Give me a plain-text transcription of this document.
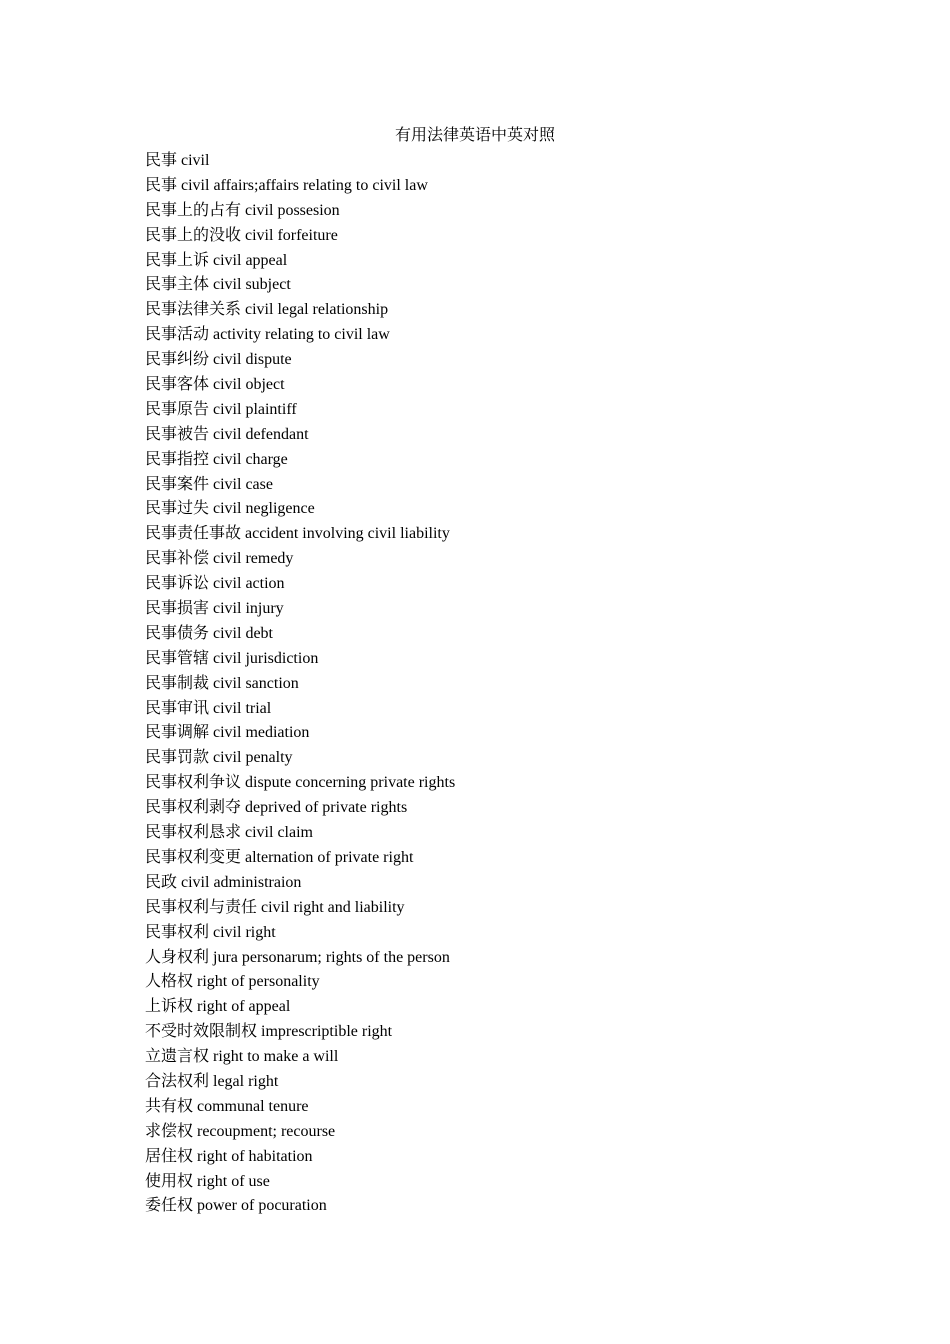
有用法律英语中英对照
民事 civil
民事 civil affairs;affairs relating to civil law
民事上的占有 civil possesion
民事上的没收 civil forfeiture
民事上诉 civil appeal
民事主体 civil subject
民事法律关系 civil legal relationship
民事活动 activity relating to civil law
民事纠纷 civil dispute
民事客体 civil object
民事原告 civil plaintiff
民事被告 civil defendant
民事指控 civil charge
民事案件 civil case
民事过失 civil negligence
民事责任事故 accident involving civil liability
民事补偿 civil remedy
民事诉讼 civil action
民事损害 civil injury
民事债务 civil debt
民事管辖 civil jurisdiction
民事制裁 civil sanction
民事审讯 civil trial
民事调解 civil mediation
民事罚款 civil penalty
民事权利争议 dispute concerning private rights
民事权利剥夺 deprived of private rights
民事权利恳求 civil claim
民事权利变更 alternation of private right
民政 civil administraion
民事权利与责任 civil right and liability
民事权利 civil right
人身权利 jura personarum; rights of the person
人格权 right of personality
上诉权 right of appeal
不受时效限制权 imprescriptible right
立遗言权 right to make a will
合法权利 legal right
共有权 communal tenure
求偿权 recoupment; recourse
居住权 right of habitation
使用权 right of use
委任权 power of pocuration
